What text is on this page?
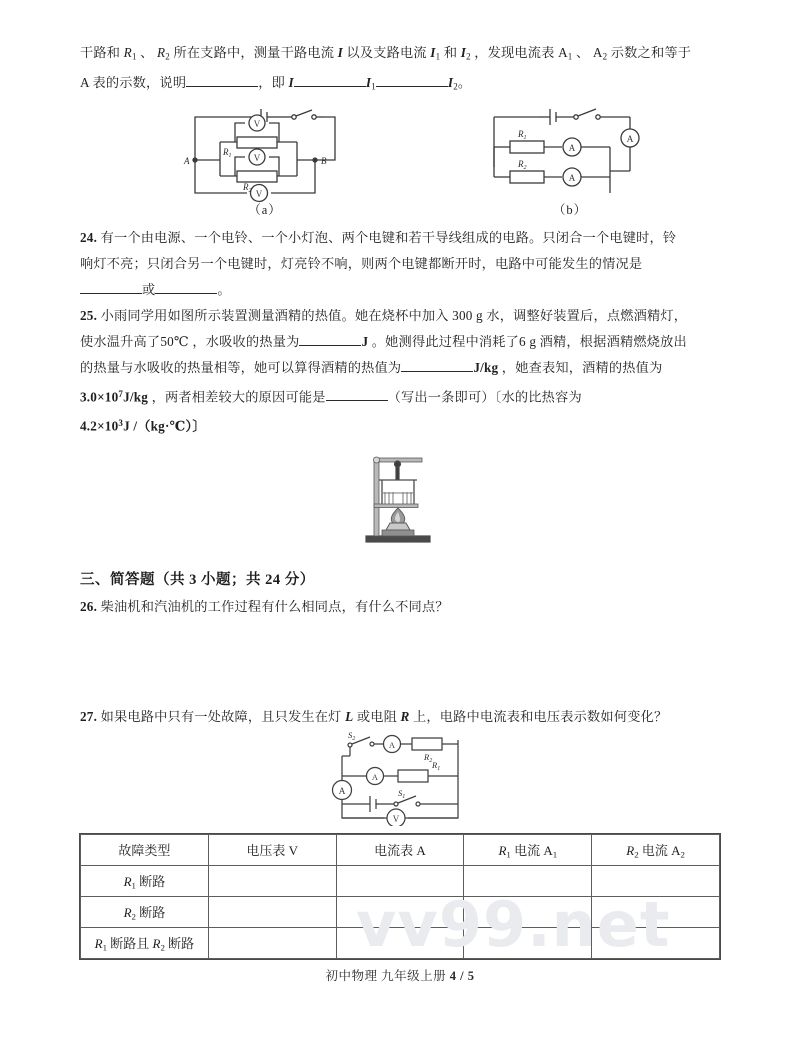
干路和 $R_1$ 、 $R_2$ 所在支路中，测量干路电流 I 以及支路电流 $I_1$ 和 $I_2$ ，发现电流表 $A_1$ 、 $A_2$ 示数之和等于
A 表的示数，说明	，即 I	$I_1$	$I_2$。
V
V
V
A	B
$R_1$
$R_2$
（a）
A
A
A
$R_1$
$R_2$
（b）
24. 有一个由电源、一个电铃、一个小灯泡、两个电键和若干导线组成的电路。只闭合一个电键时，铃
响灯不亮；只闭合另一个电键时，灯亮铃不响，则两个电键都断开时，电路中可能发生的情况是
或	。
25. 小雨同学用如图所示装置测量酒精的热值。她在烧杯中加入 300 g 水，调整好装置后，点燃酒精灯，
使水温升高了50℃ ，水吸收的热量为	J 。她测得此过程中消耗了6 g 酒精，根据酒精燃烧放出
的热量与水吸收的热量相等，她可以算得酒精的热值为	J/kg ，她查表知，酒精的热值为
$3.0\times 10^7J/kg$ ，两者相差较大的原因可能是	（写出一条即可）〔水的比热容为
$4.2\times 10^3J$ /（kg·℃）〕
三、简答题（共 3 小题；共 24 分）
26. 柴油机和汽油机的工作过程有什么相同点，有什么不同点？
27. 如果电路中只有一处故障，且只发生在灯 L 或电阻 R 上，电路中电流表和电压表示数如何变化？
A
A
A
V
$S_2$
$R_2$ $R_1$
$S_1$
故障类型	电压表 V	电流表 A	$R_1$ 电流 $A_1$	$R_2$ 电流 $A_2$
$R_1$ 断路				
$R_2$ 断路				
$R_1$ 断路且 $R_2$ 断路					vv99.net
初中物理 九年级上册 4 / 5
